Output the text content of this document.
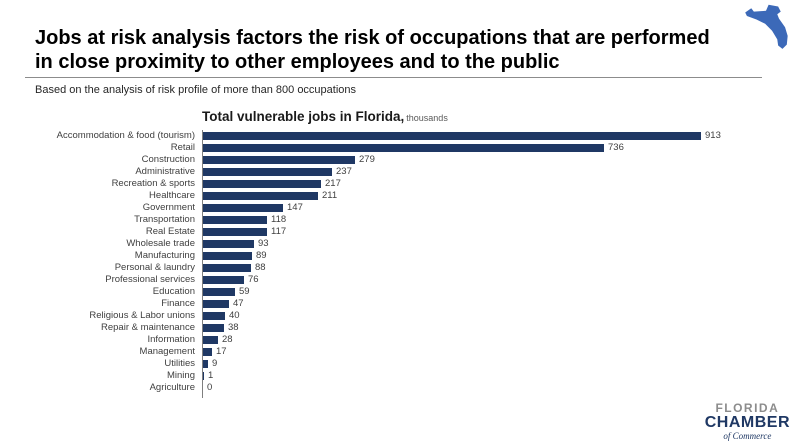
Jobs at risk analysis factors the risk of occupations that are performed
in close proximity to other employees and to the public
Based on the analysis of risk profile of more than 800 occupations
Total vulnerable jobs in Florida, thousands
Accommodation & food (tourism)	913
Retail	736
Construction	279
Administrative	237
Recreation & sports	217
Healthcare	211
Government	147
Transportation	118
Real Estate	117
Wholesale trade	93
Manufacturing	89
Personal & laundry	88
Professional services	76
Education	59
Finance	47
Religious & Labor unions	40
Repair & maintenance	38
Information	28
Management	17
Utilities	9
Mining	1
Agriculture	0
FLORIDA
CHAMBER
of Commerce
